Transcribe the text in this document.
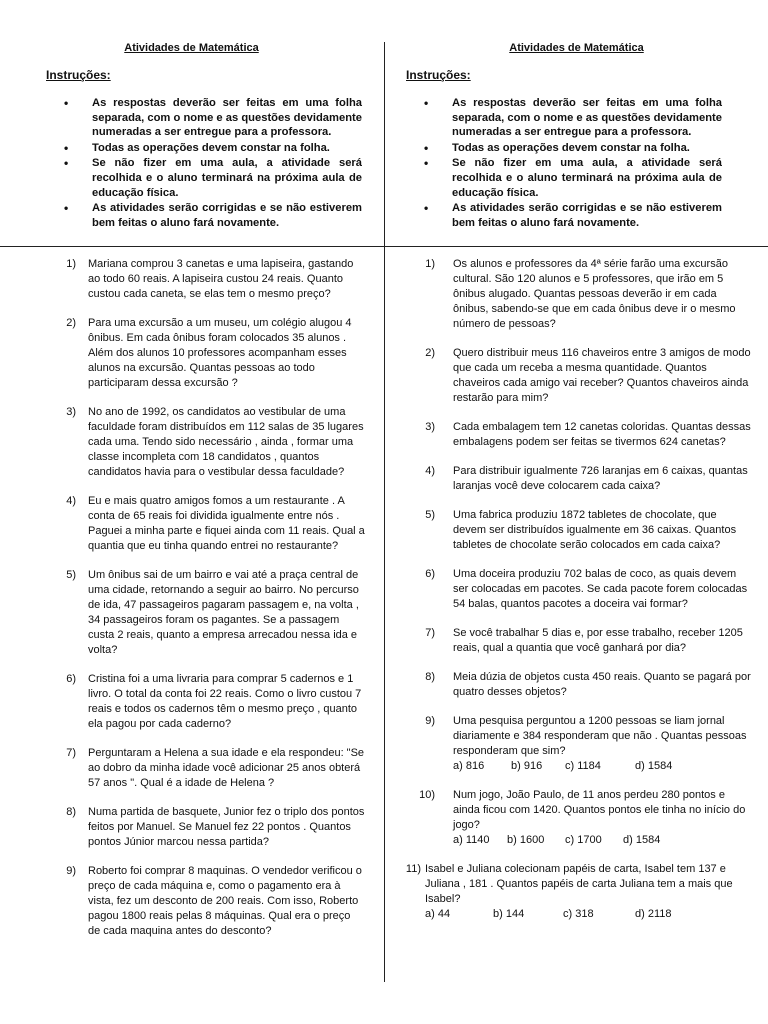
Atividades de Matemática
Instruções:
• As respostas deverão ser feitas em uma folha separada, com o nome e as questões devidamente numeradas a ser entregue para a professora.
• Todas as operações devem constar na folha.
• Se não fizer em uma aula, a atividade será recolhida e o aluno terminará na próxima aula de educação física.
• As atividades serão corrigidas e se não estiverem bem feitas o aluno fará novamente.
1) Mariana comprou 3 canetas e uma lapiseira, gastando ao todo 60 reais. A lapiseira custou 24 reais. Quanto custou cada caneta, se elas tem o mesmo preço?
2) Para uma excursão a um museu, um colégio alugou 4 ônibus. Em cada ônibus foram colocados 35 alunos . Além dos alunos 10 professores acompanham esses alunos na excursão. Quantas pessoas ao todo participaram dessa excursão ?
3) No ano de 1992, os candidatos ao vestibular de uma faculdade foram distribuídos em 112 salas de 35 lugares cada uma. Tendo sido necessário , ainda , formar uma classe incompleta com 18 candidatos , quantos candidatos havia para o vestibular dessa faculdade?
4) Eu e mais quatro amigos fomos a um restaurante . A conta de 65 reais foi dividida igualmente entre nós . Paguei a minha parte e fiquei ainda com 11 reais. Qual a quantia que eu tinha quando entrei no restaurante?
5) Um ônibus sai de um bairro e vai até a praça central de uma cidade, retornando a seguir ao bairro. No percurso de ida, 47 passageiros pagaram passagem e, na volta , 34 passageiros foram os pagantes. Se a passagem custa 2 reais, quanto a empresa arrecadou nessa ida e volta?
6) Cristina foi a uma livraria para comprar 5 cadernos e 1 livro. O total da conta foi 22 reais. Como o livro custou 7 reais e todos os cadernos têm o mesmo preço , quanto ela pagou por cada caderno?
7) Perguntaram a Helena a sua idade e ela respondeu: "Se ao dobro da minha idade você adicionar 25 anos obterá 57 anos ". Qual é a idade de Helena ?
8) Numa partida de basquete, Junior fez o triplo dos pontos feitos por Manuel. Se Manuel fez 22 pontos . Quantos pontos Júnior marcou nessa partida?
9) Roberto foi comprar 8 maquinas. O vendedor verificou o preço de cada máquina e, como o pagamento era à vista, fez um desconto de 200 reais. Com isso, Roberto pagou 1800 reais pelas 8 máquinas. Qual era o preço de cada maquina antes do desconto?
Atividades de Matemática
Instruções:
• As respostas deverão ser feitas em uma folha separada, com o nome e as questões devidamente numeradas a ser entregue para a professora.
• Todas as operações devem constar na folha.
• Se não fizer em uma aula, a atividade será recolhida e o aluno terminará na próxima aula de educação física.
• As atividades serão corrigidas e se não estiverem bem feitas o aluno fará novamente.
1) Os alunos e professores da 4ª série farão uma excursão cultural. São 120 alunos e 5 professores, que irão em 5 ônibus alugado. Quantas pessoas deverão ir em cada ônibus, sabendo-se que em cada ônibus deve ir o mesmo número de pessoas?
2) Quero distribuir meus 116 chaveiros entre 3 amigos de modo que cada um receba a mesma quantidade. Quantos chaveiros cada amigo vai receber? Quantos chaveiros ainda restarão para mim?
3) Cada embalagem tem 12 canetas coloridas. Quantas dessas embalagens podem ser feitas se tivermos 624 canetas?
4) Para distribuir igualmente 726 laranjas em 6 caixas, quantas laranjas você deve colocarem cada caixa?
5) Uma fabrica produziu 1872 tabletes de chocolate, que devem ser distribuídos igualmente em 36 caixas. Quantos tabletes de chocolate serão colocados em cada caixa?
6) Uma doceira produziu 702 balas de coco, as quais devem ser colocadas em pacotes. Se cada pacote forem colocadas 54 balas, quantos pacotes a doceira vai formar?
7) Se você trabalhar 5 dias e, por esse trabalho, receber 1205 reais, qual a quantia que você ganhará por dia?
8) Meia dúzia de objetos custa 450 reais. Quanto se pagará por quatro desses objetos?
9) Uma pesquisa perguntou a 1200 pessoas se liam jornal diariamente e 384 responderam que não . Quantas pessoas responderam que sim?
a) 816	b) 916	c) 1184	d) 1584
10) Num jogo, João Paulo, de 11 anos perdeu 280 pontos e ainda ficou com 1420. Quantos pontos ele tinha no início do jogo?
a) 1140	b) 1600	c) 1700	d) 1584
11) Isabel e Juliana colecionam papéis de carta, Isabel tem 137 e Juliana , 181 . Quantos papéis de carta Juliana tem a mais que Isabel?
a) 44	b) 144	c) 318	d) 2118
